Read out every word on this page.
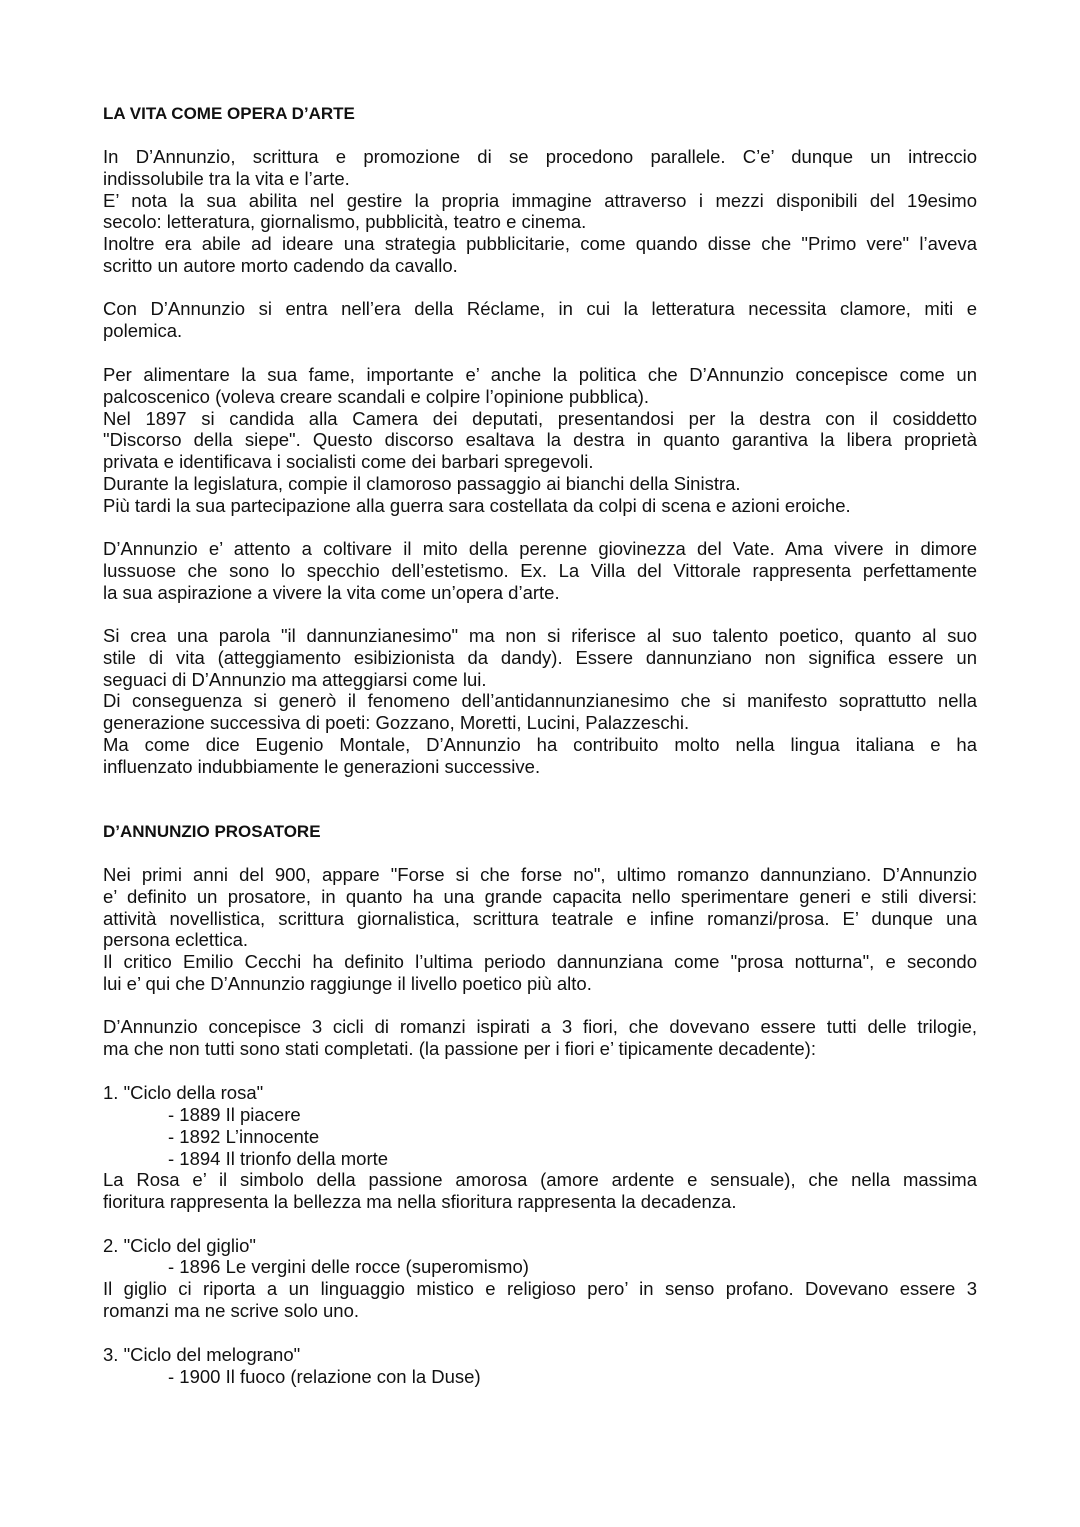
LA VITA COME OPERA D’ARTE
In D’Annunzio, scrittura e promozione di se procedono parallele. C’e’ dunque un intreccio
indissolubile tra la vita e l’arte.
E’ nota la sua abilita nel gestire la propria immagine attraverso i mezzi disponibili del 19esimo
secolo: letteratura, giornalismo, pubblicità, teatro e cinema.
Inoltre era abile ad ideare una strategia pubblicitarie, come quando disse che "Primo vere" l’aveva
scritto un autore morto cadendo da cavallo.
Con D’Annunzio si entra nell’era della Réclame, in cui la letteratura necessita clamore, miti e
polemica.
Per alimentare la sua fame, importante e’ anche la politica che D’Annunzio concepisce come un
palcoscenico (voleva creare scandali e colpire l’opinione pubblica).
Nel 1897 si candida alla Camera dei deputati, presentandosi per la destra con il cosiddetto
"Discorso della siepe". Questo discorso esaltava la destra in quanto garantiva la libera proprietà
privata e identificava i socialisti come dei barbari spregevoli.
Durante la legislatura, compie il clamoroso passaggio ai bianchi della Sinistra.
Più tardi la sua partecipazione alla guerra sara costellata da colpi di scena e azioni eroiche.
D’Annunzio e’ attento a coltivare il mito della perenne giovinezza del Vate. Ama vivere in dimore
lussuose che sono lo specchio dell’estetismo. Ex. La Villa del Vittorale rappresenta perfettamente
la sua aspirazione a vivere la vita come un’opera d’arte.
Si crea una parola "il dannunzianesimo" ma non si riferisce al suo talento poetico, quanto al suo
stile di vita (atteggiamento esibizionista da dandy). Essere dannunziano non significa essere un
seguaci di D’Annunzio ma atteggiarsi come lui.
Di conseguenza si generò il fenomeno dell’antidannunzianesimo che si manifesto soprattutto nella
generazione successiva di poeti: Gozzano, Moretti, Lucini, Palazzeschi.
Ma come dice Eugenio Montale, D’Annunzio ha contribuito molto nella lingua italiana e ha
influenzato indubbiamente le generazioni successive.
D’ANNUNZIO PROSATORE
Nei primi anni del 900, appare "Forse si che forse no", ultimo romanzo dannunziano. D’Annunzio
e’ definito un prosatore, in quanto ha una grande capacita nello sperimentare generi e stili diversi:
attività novellistica, scrittura giornalistica, scrittura teatrale e infine romanzi/prosa. E’ dunque una
persona eclettica.
Il critico Emilio Cecchi ha definito l’ultima periodo dannunziana come "prosa notturna", e secondo
lui e’ qui che D’Annunzio raggiunge il livello poetico più alto.
D’Annunzio concepisce 3 cicli di romanzi ispirati a 3 fiori, che dovevano essere tutti delle trilogie,
ma che non tutti sono stati completati. (la passione per i fiori e’ tipicamente decadente):
1. "Ciclo della rosa"
- 1889 Il piacere
- 1892 L’innocente
- 1894 Il trionfo della morte
La Rosa e’ il simbolo della passione amorosa (amore ardente e sensuale), che nella massima
fioritura rappresenta la bellezza ma nella sfioritura rappresenta la decadenza.
2. "Ciclo del giglio"
- 1896 Le vergini delle rocce (superomismo)
Il giglio ci riporta a un linguaggio mistico e religioso pero’ in senso profano. Dovevano essere 3
romanzi ma ne scrive solo uno.
3. "Ciclo del melograno"
- 1900 Il fuoco (relazione con la Duse)
